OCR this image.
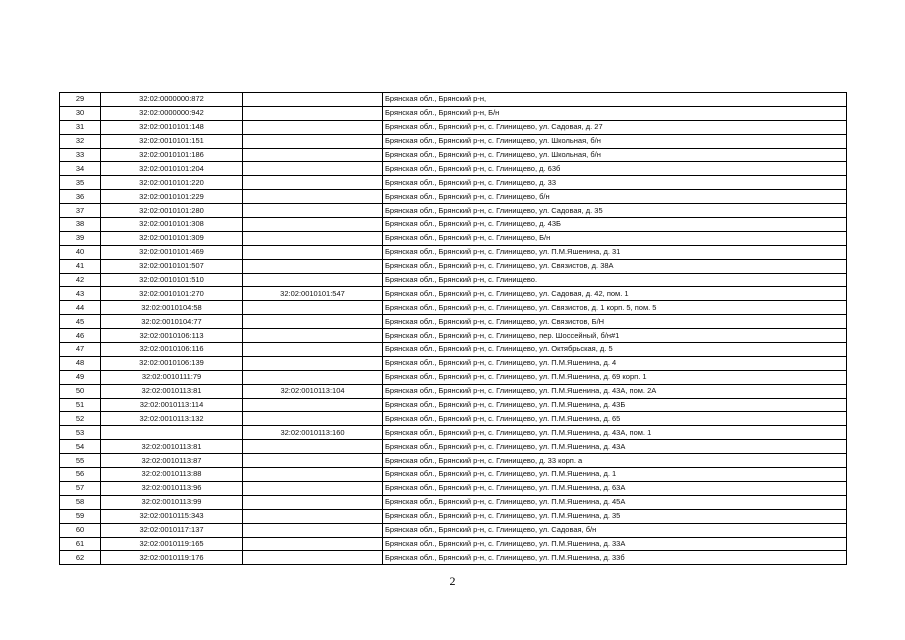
29	32:02:0000000:872		Брянская обл., Брянский р-н,
30	32:02:0000000:942		Брянская обл., Брянский р-н, Б/н
31	32:02:0010101:148		Брянская обл., Брянский р-н, с. Глинищево, ул. Садовая, д. 27
32	32:02:0010101:151		Брянская обл., Брянский р-н, с. Глинищево, ул. Школьная, б/н
33	32:02:0010101:186		Брянская обл., Брянский р-н, с. Глинищево, ул. Школьная, б/н
34	32:02:0010101:204		Брянская обл., Брянский р-н, с. Глинищево, д. 63б
35	32:02:0010101:220		Брянская обл., Брянский р-н, с. Глинищево, д. 33
36	32:02:0010101:229		Брянская обл., Брянский р-н, с. Глинищево, б/н
37	32:02:0010101:280		Брянская обл., Брянский р-н, с. Глинищево, ул. Садовая, д. 35
38	32:02:0010101:308		Брянская обл., Брянский р-н, с. Глинищево, д. 43Б
39	32:02:0010101:309		Брянская обл., Брянский р-н, с. Глинищево, Б/н
40	32:02:0010101:469		Брянская обл., Брянский р-н, с. Глинищево, ул. П.М.Яшенина, д. 31
41	32:02:0010101:507		Брянская обл., Брянский р-н, с. Глинищево, ул. Связистов, д. 38А
42	32:02:0010101:510		Брянская обл., Брянский р-н, с. Глинищево.
43	32:02:0010101:270	32:02:0010101:547	Брянская обл., Брянский р-н, с. Глинищево, ул. Садовая, д. 42, пом. 1
44	32:02:0010104:58		Брянская обл., Брянский р-н, с. Глинищево, ул. Связистов, д. 1 корп. 5, пом. 5
45	32:02:0010104:77		Брянская обл., Брянский р-н, с. Глинищево, ул. Связистов, Б/Н
46	32:02:0010106:113		Брянская обл., Брянский р-н, с. Глинищево, пер. Шоссейный, б/н#1
47	32:02:0010106:116		Брянская обл., Брянский р-н, с. Глинищево, ул. Октябрьская, д. 5
48	32:02:0010106:139		Брянская обл., Брянский р-н, с. Глинищево, ул. П.М.Яшенина, д. 4
49	32:02:0010111:79		Брянская обл., Брянский р-н, с. Глинищево, ул. П.М.Яшенина, д. 69 корп. 1
50	32:02:0010113:81	32:02:0010113:104	Брянская обл., Брянский р-н, с. Глинищево, ул. П.М.Яшенина, д. 43А, пом. 2А
51	32:02:0010113:114		Брянская обл., Брянский р-н, с. Глинищево, ул. П.М.Яшенина, д. 43Б
52	32:02:0010113:132		Брянская обл., Брянский р-н, с. Глинищево, ул. П.М.Яшенина, д. 65
53		32:02:0010113:160	Брянская обл., Брянский р-н, с. Глинищево, ул. П.М.Яшенина, д. 43А, пом. 1
54	32:02:0010113:81		Брянская обл., Брянский р-н, с. Глинищево, ул. П.М.Яшенина, д. 43А
55	32:02:0010113:87		Брянская обл., Брянский р-н, с. Глинищево, д. 33 корп. а
56	32:02:0010113:88		Брянская обл., Брянский р-н, с. Глинищево, ул. П.М.Яшенина, д. 1
57	32:02:0010113:96		Брянская обл., Брянский р-н, с. Глинищево, ул. П.М.Яшенина, д. 63А
58	32:02:0010113:99		Брянская обл., Брянский р-н, с. Глинищево, ул. П.М.Яшенина, д. 45А
59	32:02:0010115:343		Брянская обл., Брянский р-н, с. Глинищево, ул. П.М.Яшенина, д. 35
60	32:02:0010117:137		Брянская обл., Брянский р-н, с. Глинищево, ул. Садовая, б/н
61	32:02:0010119:165		Брянская обл., Брянский р-н, с. Глинищево, ул. П.М.Яшенина, д. 33А
62	32:02:0010119:176		Брянская обл., Брянский р-н, с. Глинищево, ул. П.М.Яшенина, д. 33б
2
